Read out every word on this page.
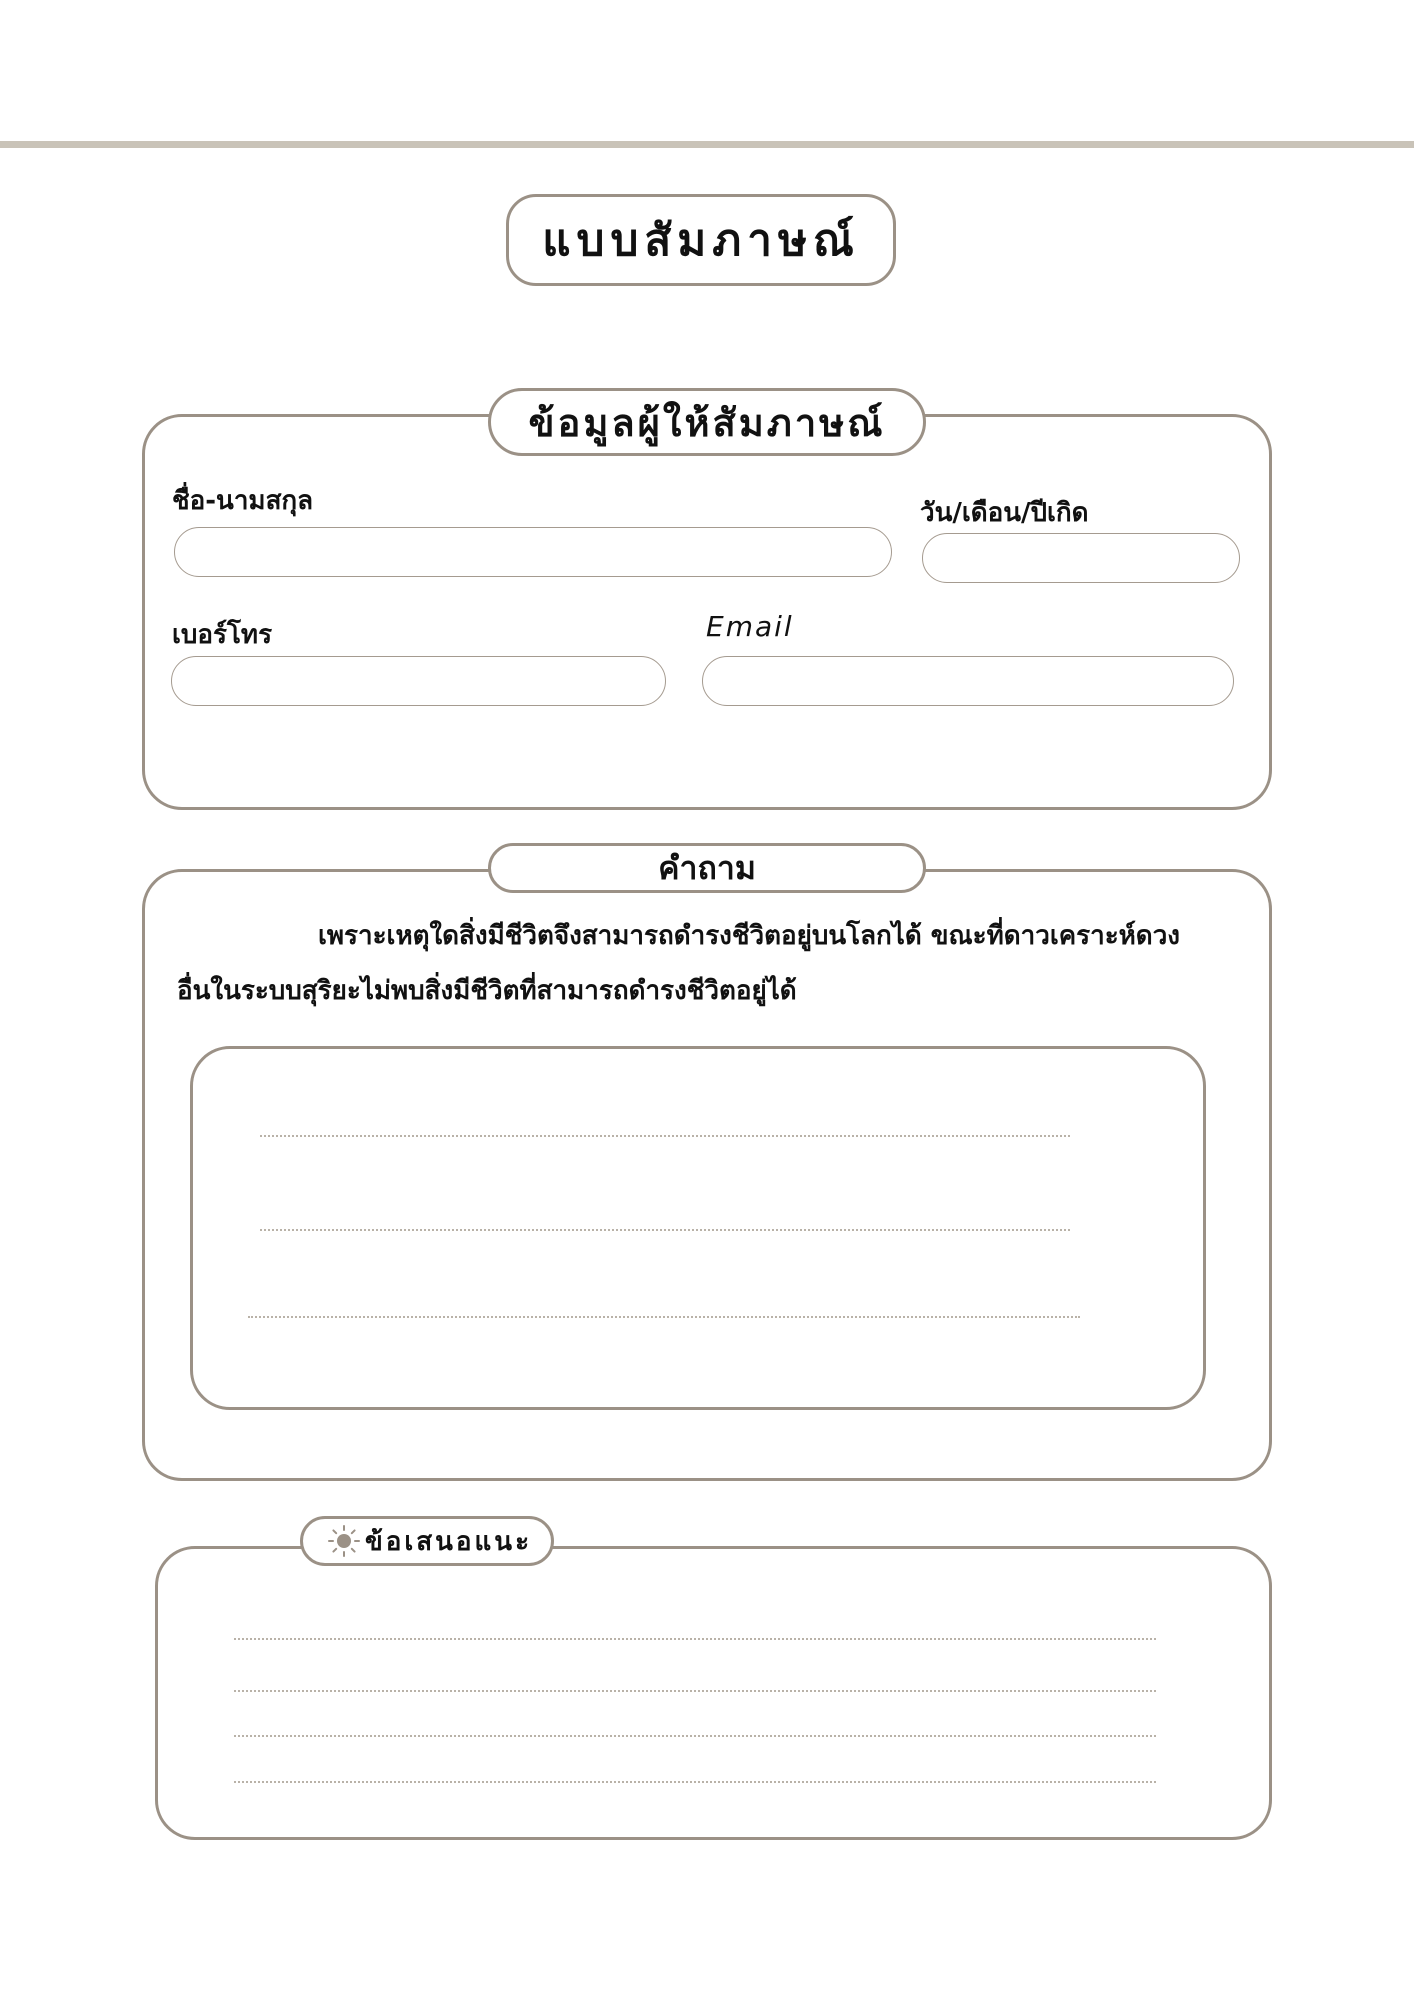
แบบสัมภาษณ์
ข้อมูลผู้ให้สัมภาษณ์
ชื่อ-นามสกุล	วัน/เดือน/ปีเกิด
เบอร์โทร	Email
คำถาม
เพราะเหตุใดสิ่งมีชีวิตจึงสามารถดำรงชีวิตอยู่บนโลกได้ ขณะที่ดาวเคราะห์ดวง
อื่นในระบบสุริยะไม่พบสิ่งมีชีวิตที่สามารถดำรงชีวิตอยู่ได้
ข้อเสนอแนะ
